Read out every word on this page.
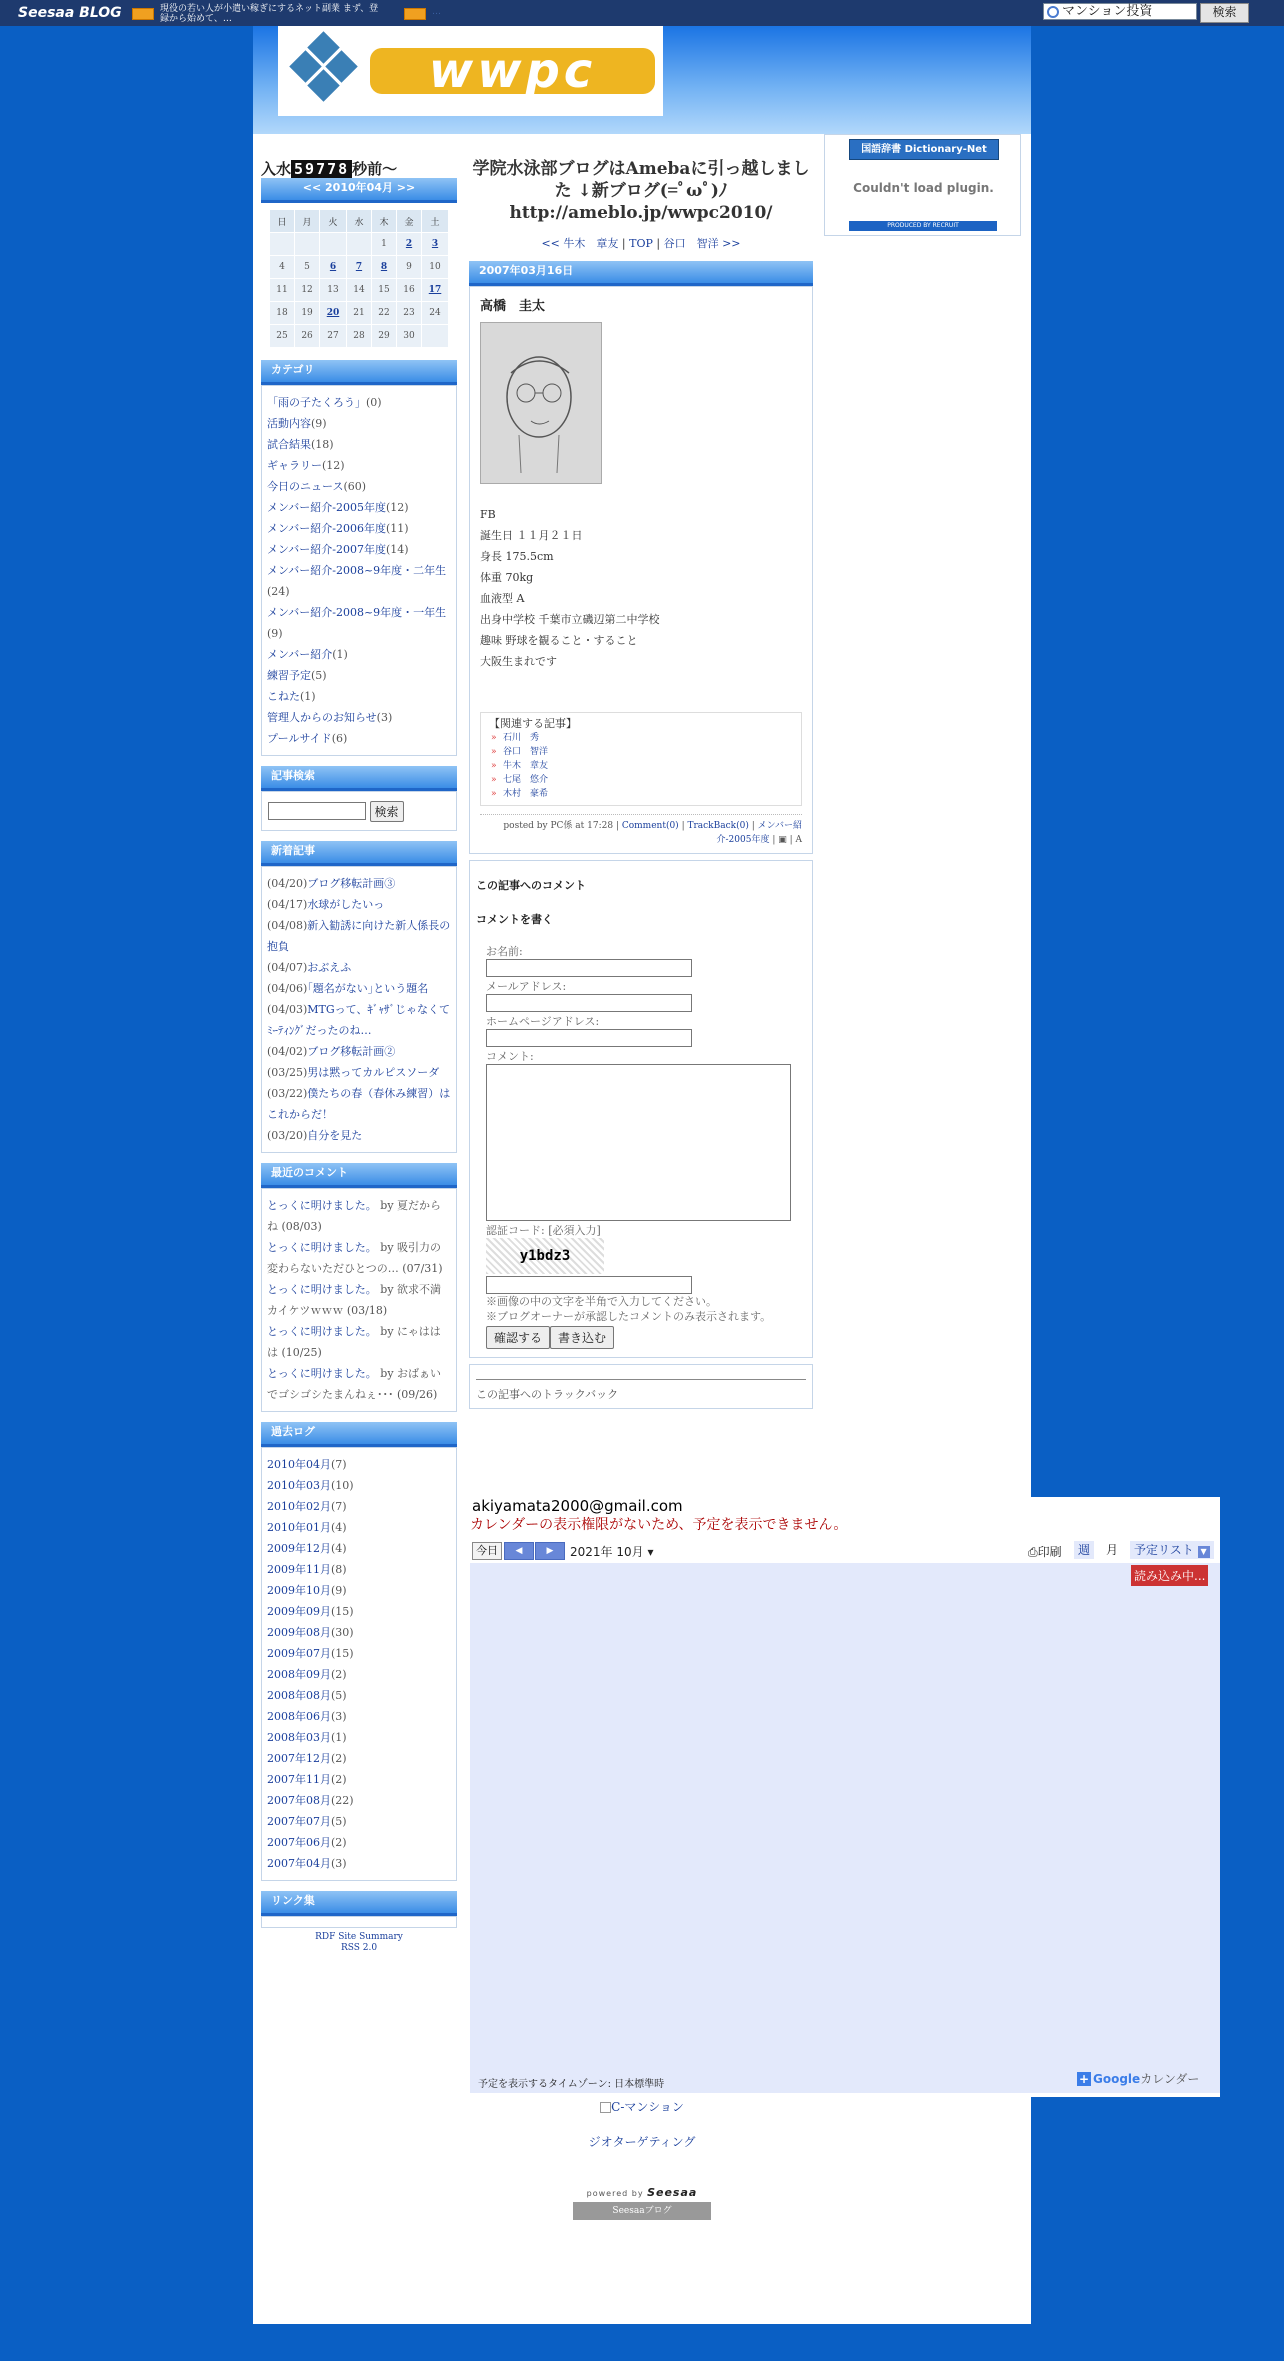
Seesaa BLOG	現役の若い人が小遣い稼ぎにするネット副業 まず、登録から始めて、…
…	マンション投資	検索
wwpc
入水 59778 秒前～
<< 2010年04月 >>
日	月	火	水	木	金	土
				1	2	3
4	5	6	7	8	9	10
11	12	13	14	15	16	17
18	19	20	21	22	23	24
25	26	27	28	29	30	
カテゴリ
「雨の子たくろう」(0)
活動内容(9)
試合結果(18)
ギャラリー(12)
今日のニュース(60)
メンバー紹介-2005年度(12)
メンバー紹介-2006年度(11)
メンバー紹介-2007年度(14)
メンバー紹介-2008~9年度・二年生(24)
メンバー紹介-2008~9年度・一年生(9)
メンバー紹介(1)
練習予定(5)
こねた(1)
管理人からのお知らせ(3)
プールサイド(6)
記事検索
検索
新着記事
(04/20)ブログ移転計画③
(04/17)水球がしたいっ
(04/08)新入勧誘に向けた新人係長の抱負
(04/07)おぶえふ
(04/06)｢題名がない｣という題名
(04/03)MTGって、ｷﾞｬｻﾞじゃなくてﾐｰﾃｨﾝｸﾞだったのね…
(04/02)ブログ移転計画②
(03/25)男は黙ってカルピスソーダ
(03/22)僕たちの春（春休み練習）はこれからだ！
(03/20)自分を見た
最近のコメント
とっくに明けました。 by 夏だからね (08/03)
とっくに明けました。 by 吸引力の変わらないただひとつの… (07/31)
とっくに明けました。 by 欲求不満カイケツｗｗｗ (03/18)
とっくに明けました。 by にゃははは (10/25)
とっくに明けました。 by おばぁいでゴシゴシたまんねぇ･･･ (09/26)
過去ログ
2010年04月(7)
2010年03月(10)
2010年02月(7)
2010年01月(4)
2009年12月(4)
2009年11月(8)
2009年10月(9)
2009年09月(15)
2009年08月(30)
2009年07月(15)
2008年09月(2)
2008年08月(5)
2008年06月(3)
2008年03月(1)
2007年12月(2)
2007年11月(2)
2007年08月(22)
2007年07月(5)
2007年06月(2)
2007年04月(3)
リンク集
RDF Site Summary
RSS 2.0
学院水泳部ブログはAmebaに引っ越しました ↓新ブログ(=ﾟωﾟ)ﾉ http://ameblo.jp/wwpc2010/
<< 牛木　章友 | TOP | 谷口　智洋 >>
2007年03月16日
高橋　圭太
FB
誕生日 １１月２１日
身長 175.5cm
体重 70kg
血液型 A
出身中学校 千葉市立磯辺第二中学校
趣味 野球を観ること・すること
大阪生まれです
【関連する記事】
» 石川　秀
» 谷口　智洋
» 牛木　章友
» 七尾　悠介
» 木村　豪希
posted by PC係 at 17:28 | Comment(0) | TrackBack(0) | メンバー紹介-2005年度 | ▣ | A
この記事へのコメント
コメントを書く
お名前:
メールアドレス:
ホームページアドレス:
コメント:
認証コード: [必須入力]
y1bdz3
※画像の中の文字を半角で入力してください。
※ブログオーナーが承認したコメントのみ表示されます。
確認する 書き込む
この記事へのトラックバック
国語辞書 Dictionary-Net
Couldn't load plugin.
PRODUCED BY RECRUIT
C-マンション
ジオターゲティング
powered by Seesaa
Seesaaブログ
akiyamata2000@gmail.com
カレンダーの表示権限がないため、予定を表示できません。
今日	◀	▶	2021年 10月 ▾	⎙印刷	週	月	予定リスト ▼
読み込み中...
予定を表示するタイムゾーン: 日本標準時	+ Googleカレンダー
